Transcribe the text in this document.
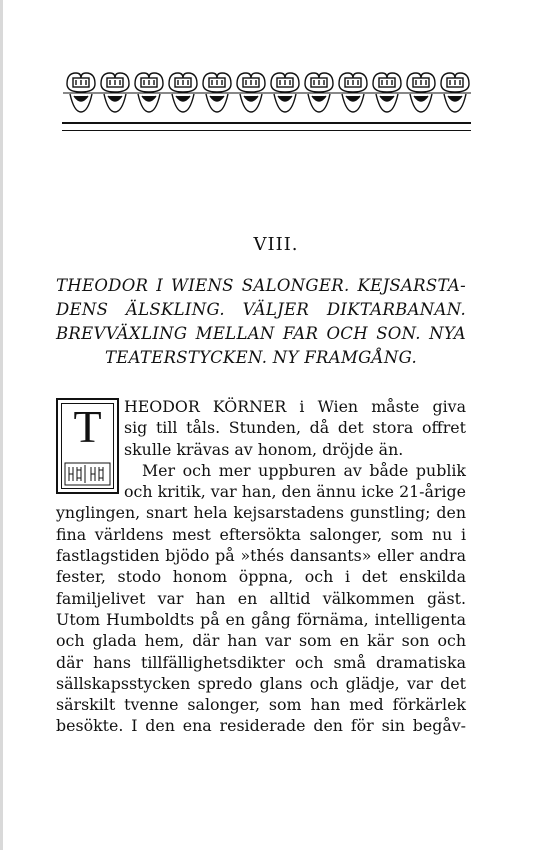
VIII.
THEODOR I WIENS SALONGER. KEJSARSTA-
DENS ÄLSKLING. VÄLJER DIKTARBANAN.
BREVVÄXLING MELLAN FAR OCH SON. NYA
TEATERSTYCKEN. NY FRAMGÅNG.
T	HEODOR KÖRNER i Wien måste giva
sig till tåls. Stunden, då det stora offret
skulle krävas av honom, dröjde än.
Mer och mer uppburen av både publik
och kritik, var han, den ännu icke 21-årige
ynglingen, snart hela kejsarstadens gunstling; den
fina världens mest eftersökta salonger, som nu i
fastlagstiden bjödo på »thés dansants» eller andra
fester, stodo honom öppna, och i det enskilda
familjelivet var han en alltid välkommen gäst.
Utom Humboldts på en gång förnäma, intelligenta
och glada hem, där han var som en kär son och
där hans tillfällighetsdikter och små dramatiska
sällskapsstycken spredo glans och glädje, var det
särskilt tvenne salonger, som han med förkärlek
besökte. I den ena residerade den för sin begåv-
